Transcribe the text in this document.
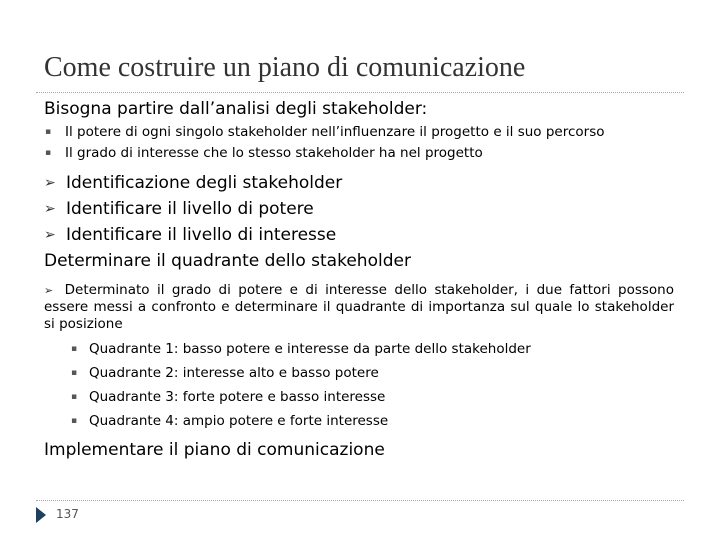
Come costruire un piano di comunicazione
Bisogna partire dall’analisi degli stakeholder:
▪ Il potere di ogni singolo stakeholder nell’influenzare il progetto e il suo percorso
▪ Il grado di interesse che lo stesso stakeholder ha nel progetto
➢ Identificazione degli stakeholder
➢ Identificare il livello di potere
➢ Identificare il livello di interesse
Determinare il quadrante dello stakeholder
➢ Determinato il grado di potere e di interesse dello stakeholder, i due fattori possono essere messi a confronto e determinare il quadrante di importanza sul quale lo stakeholder si posizione
▪ Quadrante 1: basso potere e interesse da parte dello stakeholder
▪ Quadrante 2: interesse alto e basso potere
▪ Quadrante 3: forte potere e basso interesse
▪ Quadrante 4: ampio potere e forte interesse
Implementare il piano di comunicazione
137
